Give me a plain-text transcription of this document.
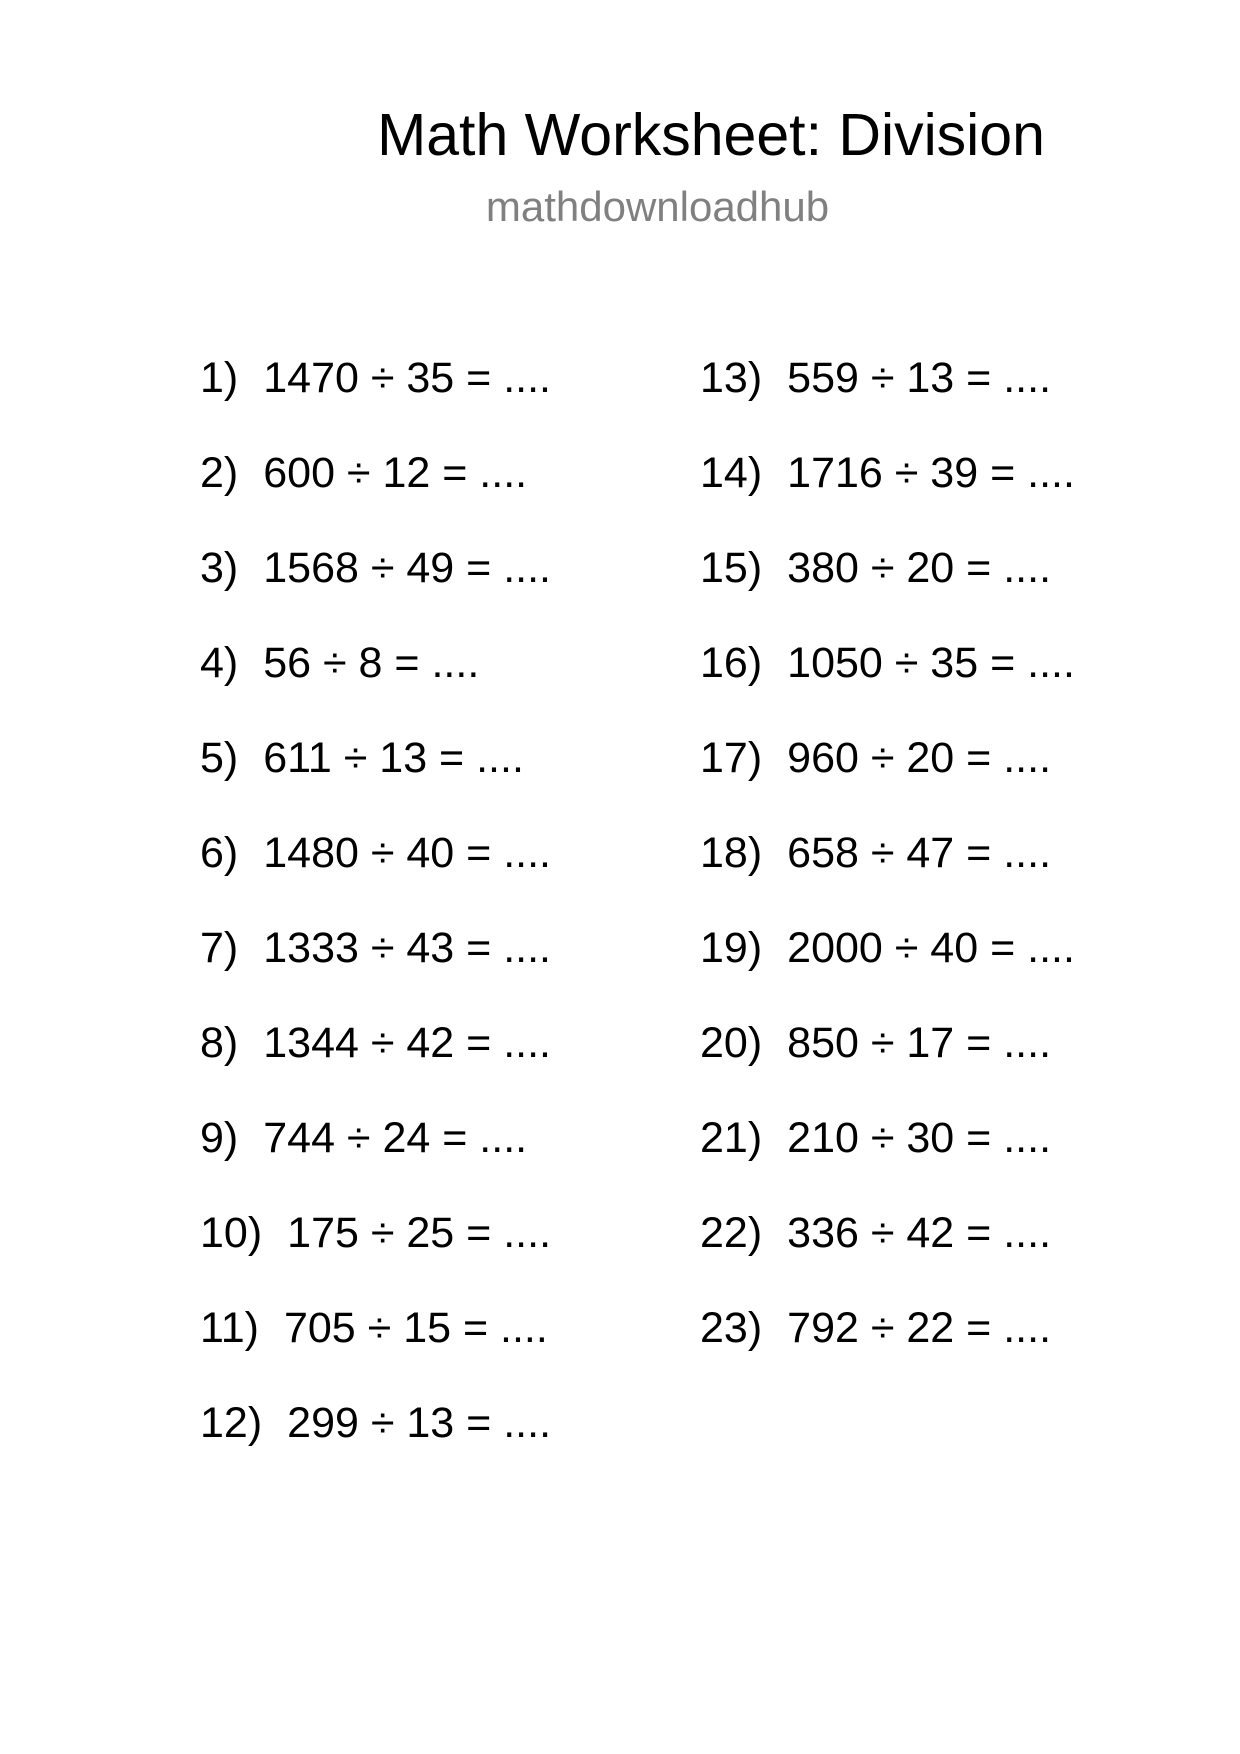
Math Worksheet: Division
mathdownloadhub
1) 1470 ÷ 35 = ....
2) 600 ÷ 12 = ....
3) 1568 ÷ 49 = ....
4) 56 ÷ 8 = ....
5) 611 ÷ 13 = ....
6) 1480 ÷ 40 = ....
7) 1333 ÷ 43 = ....
8) 1344 ÷ 42 = ....
9) 744 ÷ 24 = ....
10) 175 ÷ 25 = ....
11) 705 ÷ 15 = ....
12) 299 ÷ 13 = ....
13) 559 ÷ 13 = ....
14) 1716 ÷ 39 = ....
15) 380 ÷ 20 = ....
16) 1050 ÷ 35 = ....
17) 960 ÷ 20 = ....
18) 658 ÷ 47 = ....
19) 2000 ÷ 40 = ....
20) 850 ÷ 17 = ....
21) 210 ÷ 30 = ....
22) 336 ÷ 42 = ....
23) 792 ÷ 22 = ....
